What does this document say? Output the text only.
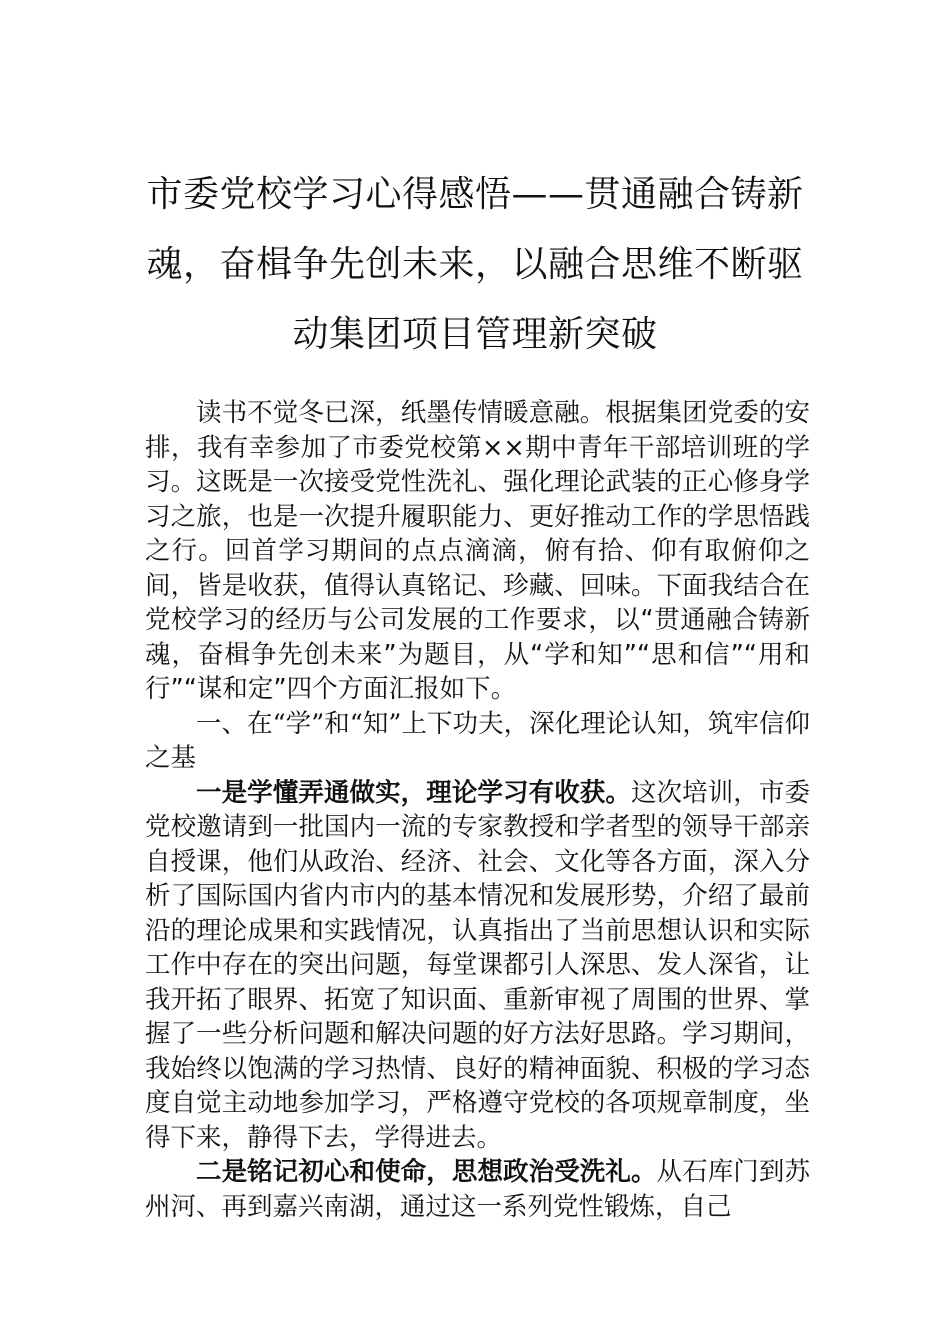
市委党校学习心得感悟——贯通融合铸新
魂，奋楫争先创未来，以融合思维不断驱
动集团项目管理新突破

读书不觉冬已深，纸墨传情暖意融。根据集团党委的安排，我有幸参加了市委党校第××期中青年干部培训班的学习。这既是一次接受党性洗礼、强化理论武装的正心修身学习之旅，也是一次提升履职能力、更好推动工作的学思悟践之行。回首学习期间的点点滴滴，俯有拾、仰有取俯仰之间，皆是收获，值得认真铭记、珍藏、回味。下面我结合在党校学习的经历与公司发展的工作要求，以“贯通融合铸新魂，奋楫争先创未来”为题目，从“学和知”“思和信”“用和行”“谋和定”四个方面汇报如下。

一、在“学”和“知”上下功夫，深化理论认知，筑牢信仰之基

一是学懂弄通做实，理论学习有收获。这次培训，市委党校邀请到一批国内一流的专家教授和学者型的领导干部亲自授课，他们从政治、经济、社会、文化等各方面，深入分析了国际国内省内市内的基本情况和发展形势，介绍了最前沿的理论成果和实践情况，认真指出了当前思想认识和实际工作中存在的突出问题，每堂课都引人深思、发人深省，让我开拓了眼界、拓宽了知识面、重新审视了周围的世界、掌握了一些分析问题和解决问题的好方法好思路。学习期间，我始终以饱满的学习热情、良好的精神面貌、积极的学习态度自觉主动地参加学习，严格遵守党校的各项规章制度，坐得下来，静得下去，学得进去。

二是铭记初心和使命，思想政治受洗礼。从石库门到苏州河、再到嘉兴南湖，通过这一系列党性锻炼，自己
